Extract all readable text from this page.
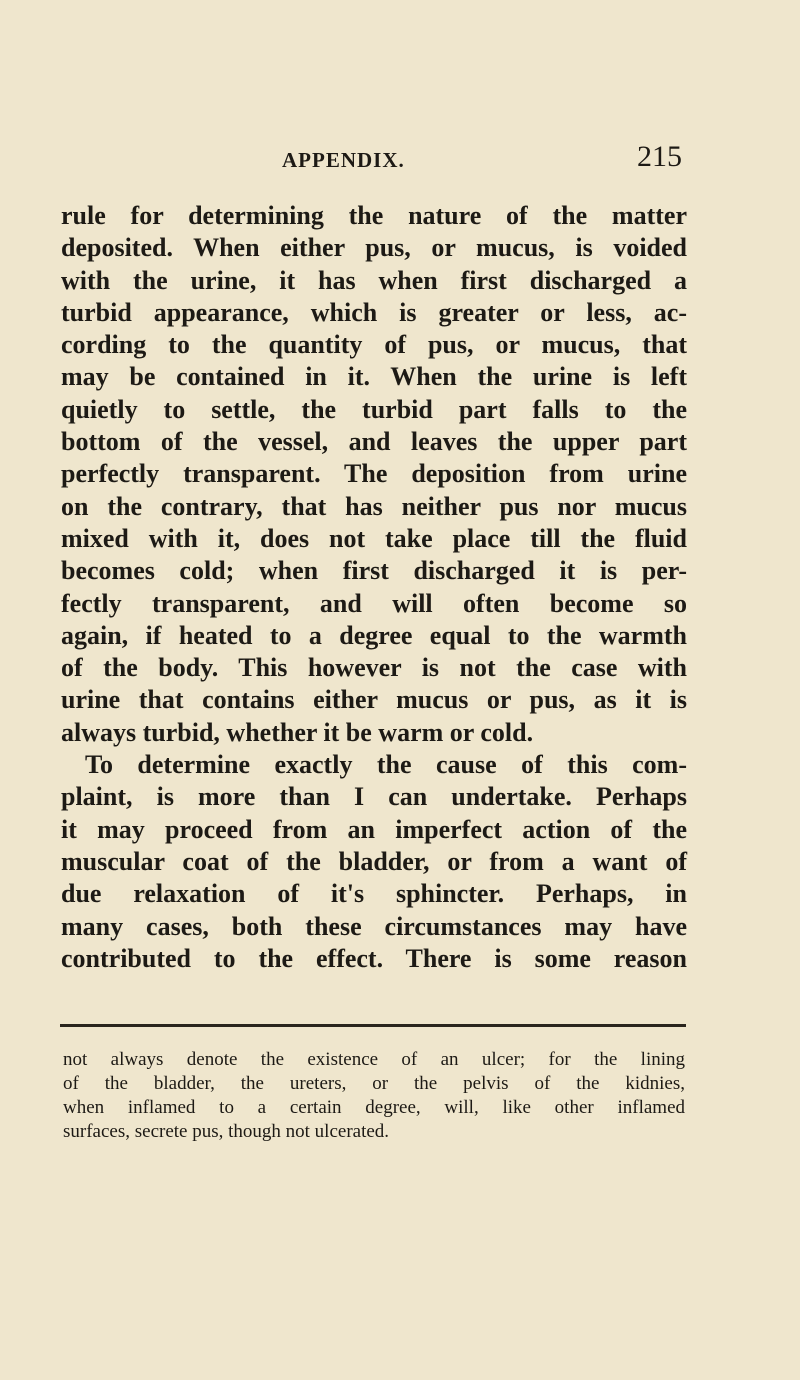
APPENDIX.	215
rule for determining the nature of the matter
deposited. When either pus, or mucus, is voided
with the urine, it has when first discharged a
turbid appearance, which is greater or less, ac-
cording to the quantity of pus, or mucus, that
may be contained in it. When the urine is left
quietly to settle, the turbid part falls to the
bottom of the vessel, and leaves the upper part
perfectly transparent. The deposition from urine
on the contrary, that has neither pus nor mucus
mixed with it, does not take place till the fluid
becomes cold; when first discharged it is per-
fectly transparent, and will often become so
again, if heated to a degree equal to the warmth
of the body. This however is not the case with
urine that contains either mucus or pus, as it is
always turbid, whether it be warm or cold.
To determine exactly the cause of this com-
plaint, is more than I can undertake. Perhaps
it may proceed from an imperfect action of the
muscular coat of the bladder, or from a want of
due relaxation of it's sphincter. Perhaps, in
many cases, both these circumstances may have
contributed to the effect. There is some reason
not always denote the existence of an ulcer; for the lining
of the bladder, the ureters, or the pelvis of the kidnies,
when inflamed to a certain degree, will, like other inflamed
surfaces, secrete pus, though not ulcerated.
